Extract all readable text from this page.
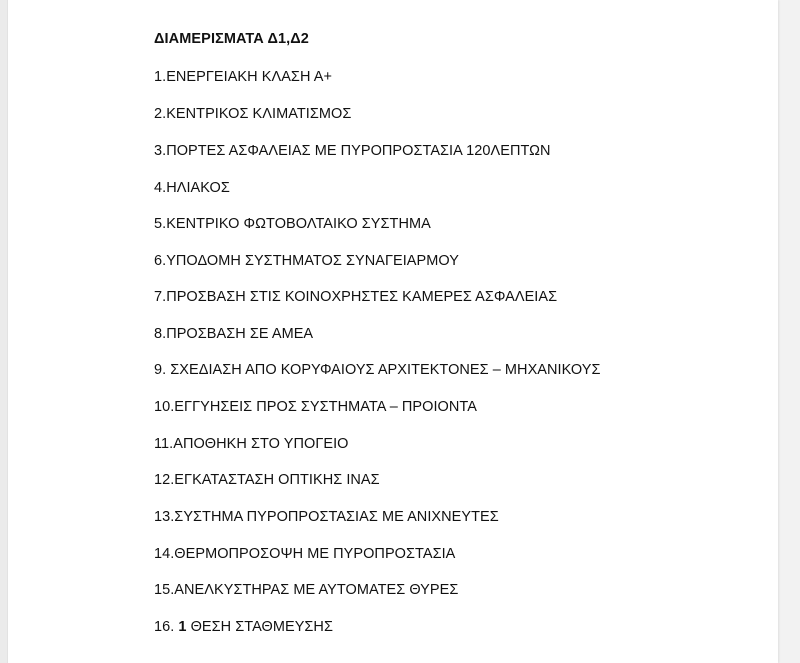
ΔΙΑΜΕΡΙΣΜΑΤΑ Δ1,Δ2
1.ΕΝΕΡΓΕΙΑΚΗ ΚΛΑΣΗ Α+
2.ΚΕΝΤΡΙΚΟΣ ΚΛΙΜΑΤΙΣΜΟΣ
3.ΠΟΡΤΕΣ ΑΣΦΑΛΕΙΑΣ ΜΕ ΠΥΡΟΠΡΟΣΤΑΣΙΑ 120ΛΕΠΤΩΝ
4.ΗΛΙΑΚΟΣ
5.ΚΕΝΤΡΙΚΟ ΦΩΤΟΒΟΛΤΑΙΚΟ ΣΥΣΤΗΜΑ
6.ΥΠΟΔΟΜΗ ΣΥΣΤΗΜΑΤΟΣ ΣΥΝΑΓΕΙΑΡΜΟΥ
7.ΠΡΟΣΒΑΣΗ ΣΤΙΣ ΚΟΙΝΟΧΡΗΣΤΕΣ ΚΑΜΕΡΕΣ ΑΣΦΑΛΕΙΑΣ
8.ΠΡΟΣΒΑΣΗ ΣΕ ΑΜΕΑ
9. ΣΧΕΔΙΑΣΗ ΑΠΟ ΚΟΡΥΦΑΙΟΥΣ ΑΡΧΙΤΕΚΤΟΝΕΣ – ΜΗΧΑΝΙΚΟΥΣ
10.ΕΓΓΥΗΣΕΙΣ ΠΡΟΣ ΣΥΣΤΗΜΑΤΑ – ΠΡΟΙΟΝΤΑ
11.ΑΠΟΘΗΚΗ ΣΤΟ ΥΠΟΓΕΙΟ
12.ΕΓΚΑΤΑΣΤΑΣΗ ΟΠΤΙΚΗΣ ΙΝΑΣ
13.ΣΥΣΤΗΜΑ ΠΥΡΟΠΡΟΣΤΑΣΙΑΣ ΜΕ ΑΝΙΧΝΕΥΤΕΣ
14.ΘΕΡΜΟΠΡΟΣΟΨΗ ΜΕ ΠΥΡΟΠΡΟΣΤΑΣΙΑ
15.ΑΝΕΛΚΥΣΤΗΡΑΣ ΜΕ ΑΥΤΟΜΑΤΕΣ ΘΥΡΕΣ
16. 1 ΘΕΣΗ ΣΤΑΘΜΕΥΣΗΣ
